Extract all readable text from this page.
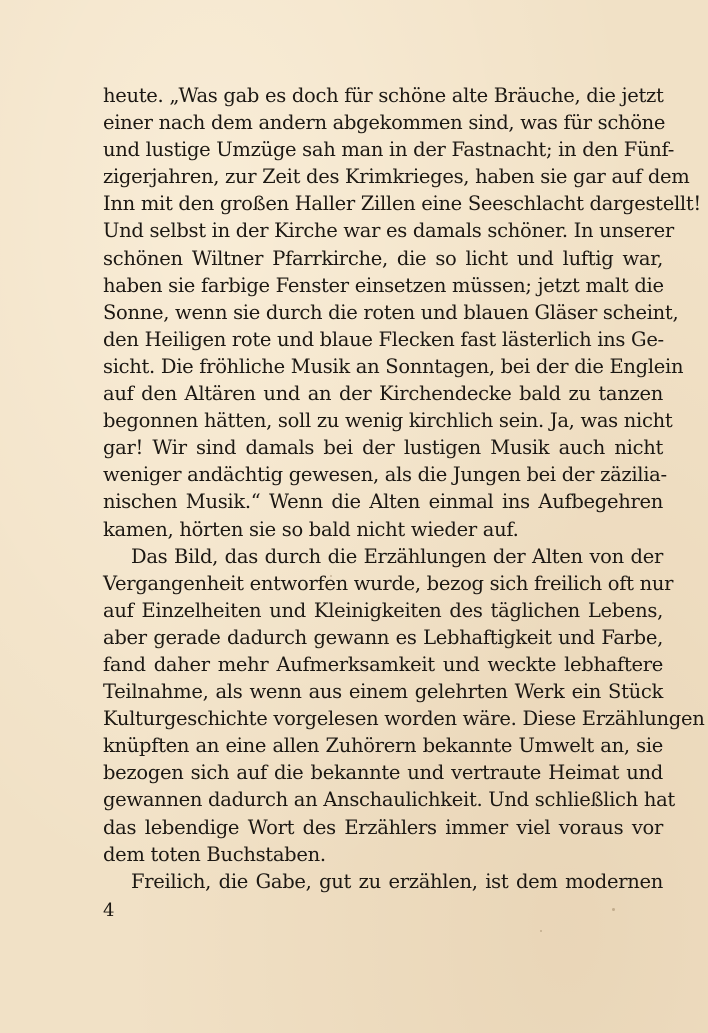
heute. „Was gab es doch für schöne alte Bräuche, die jetzt
einer nach dem andern abgekommen sind, was für schöne
und lustige Umzüge sah man in der Fastnacht; in den Fünf-
zigerjahren, zur Zeit des Krimkrieges, haben sie gar auf dem
Inn mit den großen Haller Zillen eine Seeschlacht dargestellt!
Und selbst in der Kirche war es damals schöner. In unserer
schönen Wiltner Pfarrkirche, die so licht und luftig war,
haben sie farbige Fenster einsetzen müssen; jetzt malt die
Sonne, wenn sie durch die roten und blauen Gläser scheint,
den Heiligen rote und blaue Flecken fast lästerlich ins Ge-
sicht. Die fröhliche Musik an Sonntagen, bei der die Englein
auf den Altären und an der Kirchendecke bald zu tanzen
begonnen hätten, soll zu wenig kirchlich sein. Ja, was nicht
gar! Wir sind damals bei der lustigen Musik auch nicht
weniger andächtig gewesen, als die Jungen bei der zäzilia-
nischen Musik.“ Wenn die Alten einmal ins Aufbegehren
kamen, hörten sie so bald nicht wieder auf.
Das Bild, das durch die Erzählungen der Alten von der
Vergangenheit entworfen wurde, bezog sich freilich oft nur
auf Einzelheiten und Kleinigkeiten des täglichen Lebens,
aber gerade dadurch gewann es Lebhaftigkeit und Farbe,
fand daher mehr Aufmerksamkeit und weckte lebhaftere
Teilnahme, als wenn aus einem gelehrten Werk ein Stück
Kulturgeschichte vorgelesen worden wäre. Diese Erzählungen
knüpften an eine allen Zuhörern bekannte Umwelt an, sie
bezogen sich auf die bekannte und vertraute Heimat und
gewannen dadurch an Anschaulichkeit. Und schließlich hat
das lebendige Wort des Erzählers immer viel voraus vor
dem toten Buchstaben.
Freilich, die Gabe, gut zu erzählen, ist dem modernen
4
